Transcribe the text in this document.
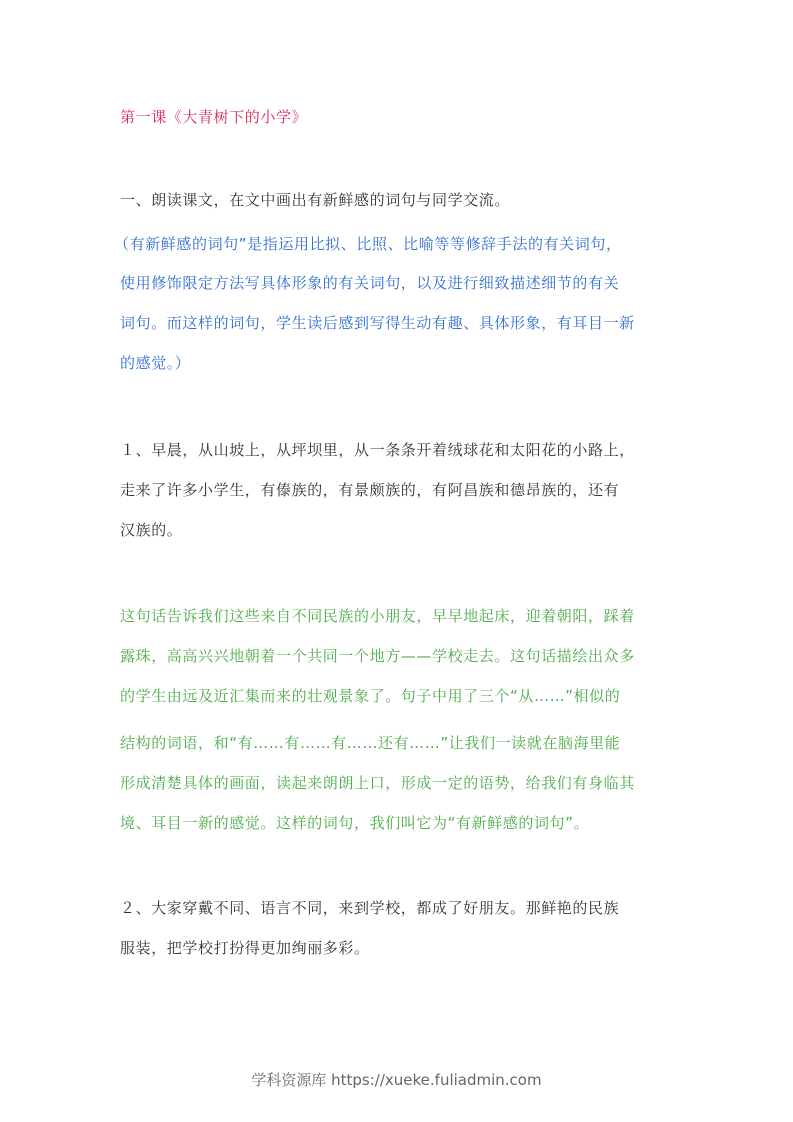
第一课《大青树下的小学》
一、朗读课文，在文中画出有新鲜感的词句与同学交流。
（有新鲜感的词句”是指运用比拟、比照、比喻等等修辞手法的有关词句，
使用修饰限定方法写具体形象的有关词句，以及进行细致描述细节的有关
词句。而这样的词句，学生读后感到写得生动有趣、具体形象，有耳目一新
的感觉。）
１、早晨，从山坡上，从坪坝里，从一条条开着绒球花和太阳花的小路上，
走来了许多小学生，有傣族的，有景颇族的，有阿昌族和德昂族的，还有
汉族的。
这句话告诉我们这些来自不同民族的小朋友，早早地起床，迎着朝阳，踩着
露珠，高高兴兴地朝着一个共同一个地方——学校走去。这句话描绘出众多
的学生由远及近汇集而来的壮观景象了。句子中用了三个“从……”相似的
结构的词语，和“有……有……有……还有……”让我们一读就在脑海里能
形成清楚具体的画面，读起来朗朗上口，形成一定的语势，给我们有身临其
境、耳目一新的感觉。这样的词句，我们叫它为“有新鲜感的词句”。
２、大家穿戴不同、语言不同，来到学校，都成了好朋友。那鲜艳的民族
服装，把学校打扮得更加绚丽多彩。
学科资源库 https://xueke.fuliadmin.com
